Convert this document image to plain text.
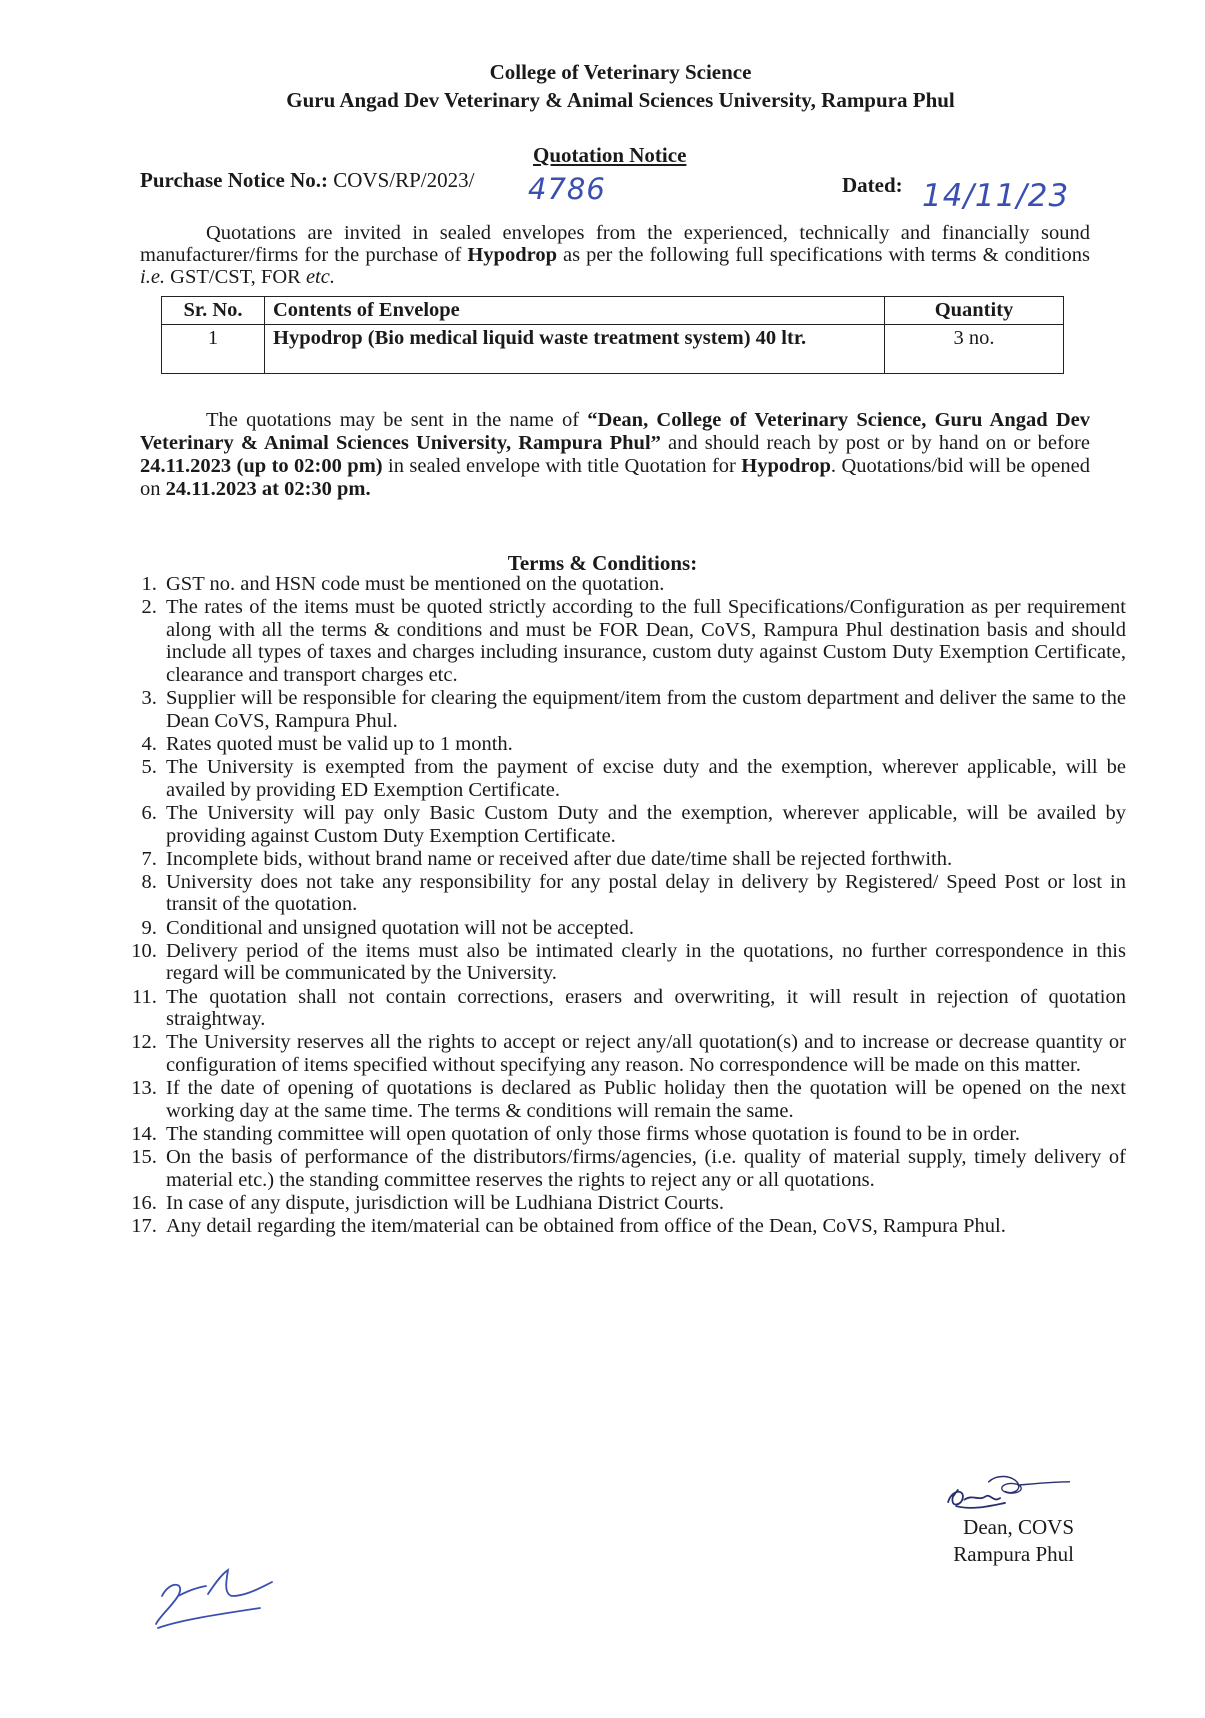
College of Veterinary Science
Guru Angad Dev Veterinary & Animal Sciences University, Rampura Phul
Quotation Notice
Purchase Notice No.: COVS/RP/2023/ 4786	Dated: 14/11/23
Quotations are invited in sealed envelopes from the experienced, technically and financially sound manufacturer/firms for the purchase of Hypodrop as per the following full specifications with terms & conditions i.e. GST/CST, FOR etc.
Sr. No.	Contents of Envelope	Quantity
1	Hypodrop (Bio medical liquid waste treatment system) 40 ltr.	3 no.
The quotations may be sent in the name of “Dean, College of Veterinary Science, Guru Angad Dev Veterinary & Animal Sciences University, Rampura Phul” and should reach by post or by hand on or before 24.11.2023 (up to 02:00 pm) in sealed envelope with title Quotation for Hypodrop. Quotations/bid will be opened on 24.11.2023 at 02:30 pm.
Terms & Conditions:
1. GST no. and HSN code must be mentioned on the quotation.
2. The rates of the items must be quoted strictly according to the full Specifications/Configuration as per requirement along with all the terms & conditions and must be FOR Dean, CoVS, Rampura Phul destination basis and should include all types of taxes and charges including insurance, custom duty against Custom Duty Exemption Certificate, clearance and transport charges etc.
3. Supplier will be responsible for clearing the equipment/item from the custom department and deliver the same to the Dean CoVS, Rampura Phul.
4. Rates quoted must be valid up to 1 month.
5. The University is exempted from the payment of excise duty and the exemption, wherever applicable, will be availed by providing ED Exemption Certificate.
6. The University will pay only Basic Custom Duty and the exemption, wherever applicable, will be availed by providing against Custom Duty Exemption Certificate.
7. Incomplete bids, without brand name or received after due date/time shall be rejected forthwith.
8. University does not take any responsibility for any postal delay in delivery by Registered/ Speed Post or lost in transit of the quotation.
9. Conditional and unsigned quotation will not be accepted.
10. Delivery period of the items must also be intimated clearly in the quotations, no further correspondence in this regard will be communicated by the University.
11. The quotation shall not contain corrections, erasers and overwriting, it will result in rejection of quotation straightway.
12. The University reserves all the rights to accept or reject any/all quotation(s) and to increase or decrease quantity or configuration of items specified without specifying any reason. No correspondence will be made on this matter.
13. If the date of opening of quotations is declared as Public holiday then the quotation will be opened on the next working day at the same time. The terms & conditions will remain the same.
14. The standing committee will open quotation of only those firms whose quotation is found to be in order.
15. On the basis of performance of the distributors/firms/agencies, (i.e. quality of material supply, timely delivery of material etc.) the standing committee reserves the rights to reject any or all quotations.
16. In case of any dispute, jurisdiction will be Ludhiana District Courts.
17. Any detail regarding the item/material can be obtained from office of the Dean, CoVS, Rampura Phul.
Dean, COVS
Rampura Phul
